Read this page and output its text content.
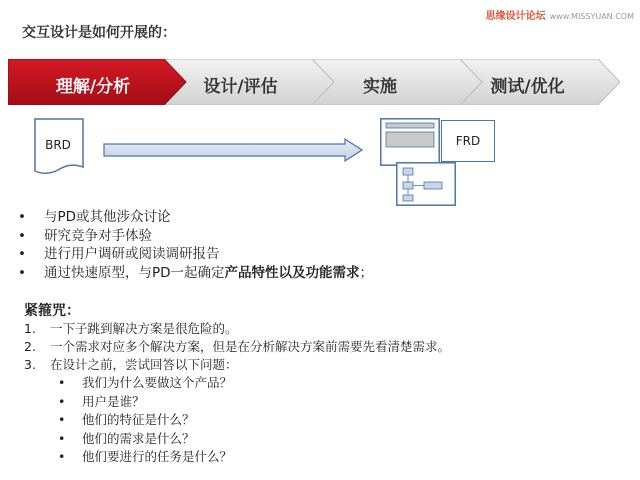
思缘设计论坛 www.MISSYUAN.COM
交互设计是如何开展的：
理解/分析	设计/评估	实施	测试/优化
BRD	FRD
• 与PD或其他涉众讨论
• 研究竞争对手体验
• 进行用户调研或阅读调研报告
• 通过快速原型，与PD一起确定产品特性以及功能需求；
紧箍咒：
1. 一下子跳到解决方案是很危险的。
2. 一个需求对应多个解决方案，但是在分析解决方案前需要先看清楚需求。
3. 在设计之前，尝试回答以下问题：
• 我们为什么要做这个产品？
• 用户是谁？
• 他们的特征是什么？
• 他们的需求是什么？
• 他们要进行的任务是什么？
